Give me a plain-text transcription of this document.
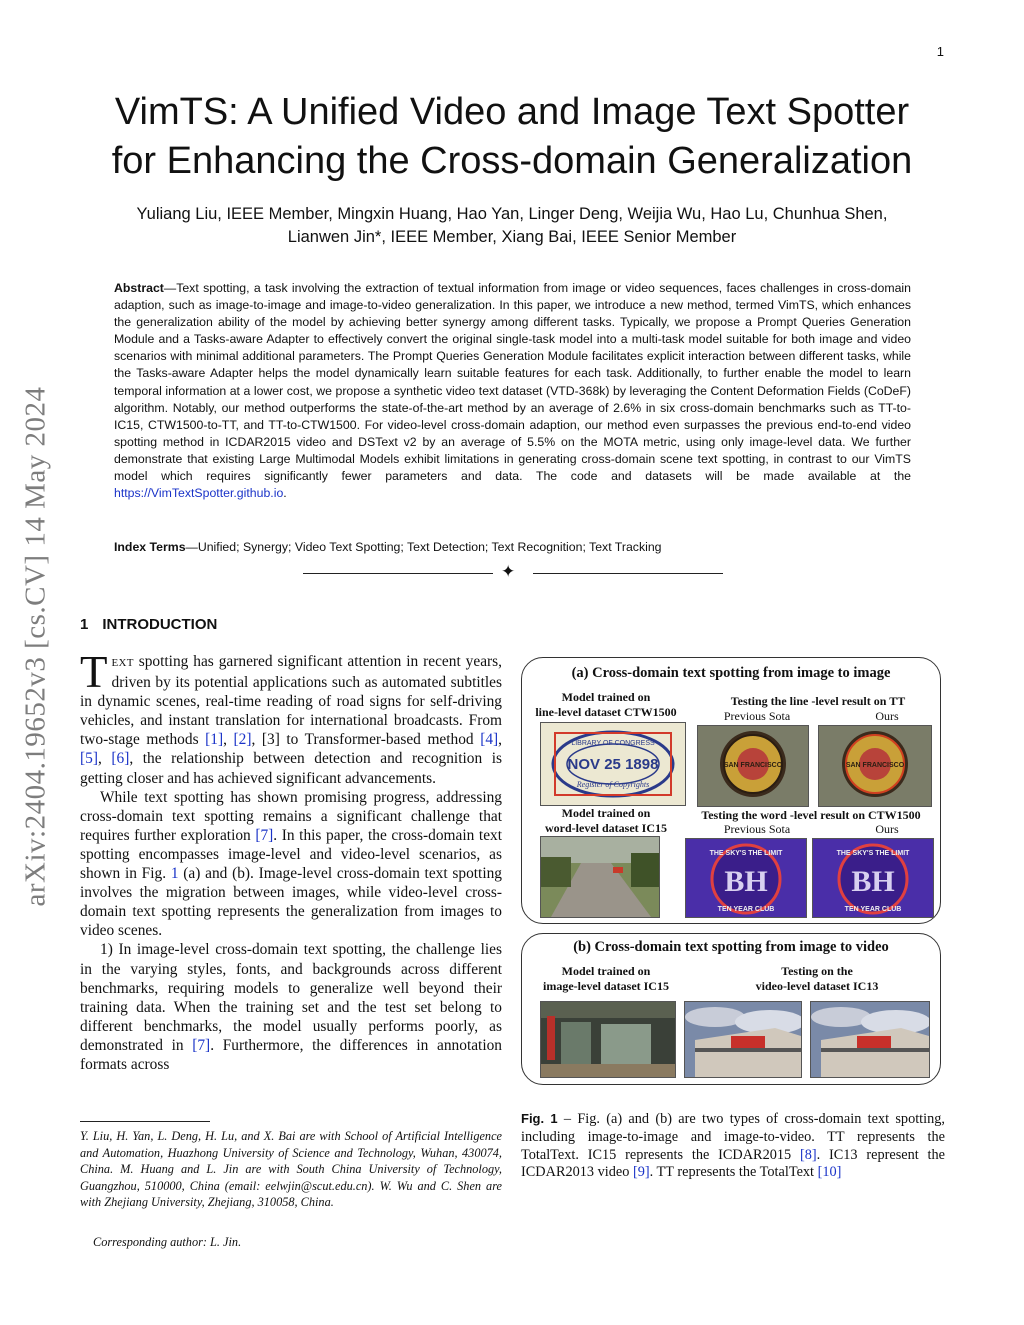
1
arXiv:2404.19652v3 [cs.CV] 14 May 2024
VimTS: A Unified Video and Image Text Spotter
for Enhancing the Cross-domain Generalization
Yuliang Liu, IEEE Member, Mingxin Huang, Hao Yan, Linger Deng, Weijia Wu, Hao Lu, Chunhua Shen,
Lianwen Jin*, IEEE Member, Xiang Bai, IEEE Senior Member
Abstract—Text spotting, a task involving the extraction of textual information from image or video sequences, faces challenges in cross-domain adaption, such as image-to-image and image-to-video generalization. In this paper, we introduce a new method, termed VimTS, which enhances the generalization ability of the model by achieving better synergy among different tasks. Typically, we propose a Prompt Queries Generation Module and a Tasks-aware Adapter to effectively convert the original single-task model into a multi-task model suitable for both image and video scenarios with minimal additional parameters. The Prompt Queries Generation Module facilitates explicit interaction between different tasks, while the Tasks-aware Adapter helps the model dynamically learn suitable features for each task. Additionally, to further enable the model to learn temporal information at a lower cost, we propose a synthetic video text dataset (VTD-368k) by leveraging the Content Deformation Fields (CoDeF) algorithm. Notably, our method outperforms the state-of-the-art method by an average of 2.6% in six cross-domain benchmarks such as TT-to-IC15, CTW1500-to-TT, and TT-to-CTW1500. For video-level cross-domain adaption, our method even surpasses the previous end-to-end video spotting method in ICDAR2015 video and DSText v2 by an average of 5.5% on the MOTA metric, using only image-level data. We further demonstrate that existing Large Multimodal Models exhibit limitations in generating cross-domain scene text spotting, in contrast to our VimTS model which requires significantly fewer parameters and data. The code and datasets will be made available at the https://VimTextSpotter.github.io.
Index Terms—Unified; Synergy; Video Text Spotting; Text Detection; Text Recognition; Text Tracking
✦
1 INTRODUCTION

TEXT spotting has garnered significant attention in recent years, driven by its potential applications such as automated subtitles in dynamic scenes, real-time reading of road signs for self-driving vehicles, and instant translation for international broadcasts. From two-stage methods [1], [2], [3] to Transformer-based method [4], [5], [6], the relationship between detection and recognition is getting closer and has achieved significant advancements.

While text spotting has shown promising progress, addressing cross-domain text spotting remains a significant challenge that requires further exploration [7]. In this paper, the cross-domain text spotting encompasses image-level and video-level scenarios, as shown in Fig. 1 (a) and (b). Image-level cross-domain text spotting involves the migration between images, while video-level cross-domain text spotting represents the generalization from images to video scenes.

1) In image-level cross-domain text spotting, the challenge lies in the varying styles, fonts, and backgrounds across different benchmarks, requiring models to generalize well beyond their training data. When the training set and the test set belong to different benchmarks, the model usually performs poorly, as demonstrated in [7]. Furthermore, the differences in annotation formats across

Y. Liu, H. Yan, L. Deng, H. Lu, and X. Bai are with School of Artificial Intelligence and Automation, Huazhong University of Science and Technology, Wuhan, 430074, China. M. Huang and L. Jin are with South China University of Technology, Guangzhou, 510000, China (email: eelwjin@scut.edu.cn). W. Wu and C. Shen are with Zhejiang University, Zhejiang, 310058, China.
Corresponding author: L. Jin.
(a) Cross-domain text spotting from image to image
Model trained on
line-level dataset CTW1500
Testing the line -level result on TT
Previous Sota	Ours
LIBRARY OF CONGRESS
NOV 25 1898
Register of Copyrights
SAN FRANCISCO	SAN FRANCISCO
Model trained on
word-level dataset IC15
Testing the word -level result on CTW1500
Previous Sota	Ours
THE SKY'S THE LIMIT
BH
TEN YEAR CLUB
THE SKY'S THE LIMIT
BH
TEN YEAR CLUB
(b) Cross-domain text spotting from image to video
Model trained on
image-level dataset IC15
Testing on the
video-level dataset IC13
Fig. 1 – Fig. (a) and (b) are two types of cross-domain text spotting, including image-to-image and image-to-video. TT represents the TotalText. IC15 represents the ICDAR2015 [8]. IC13 represent the ICDAR2013 video [9]. TT represents the TotalText [10]
